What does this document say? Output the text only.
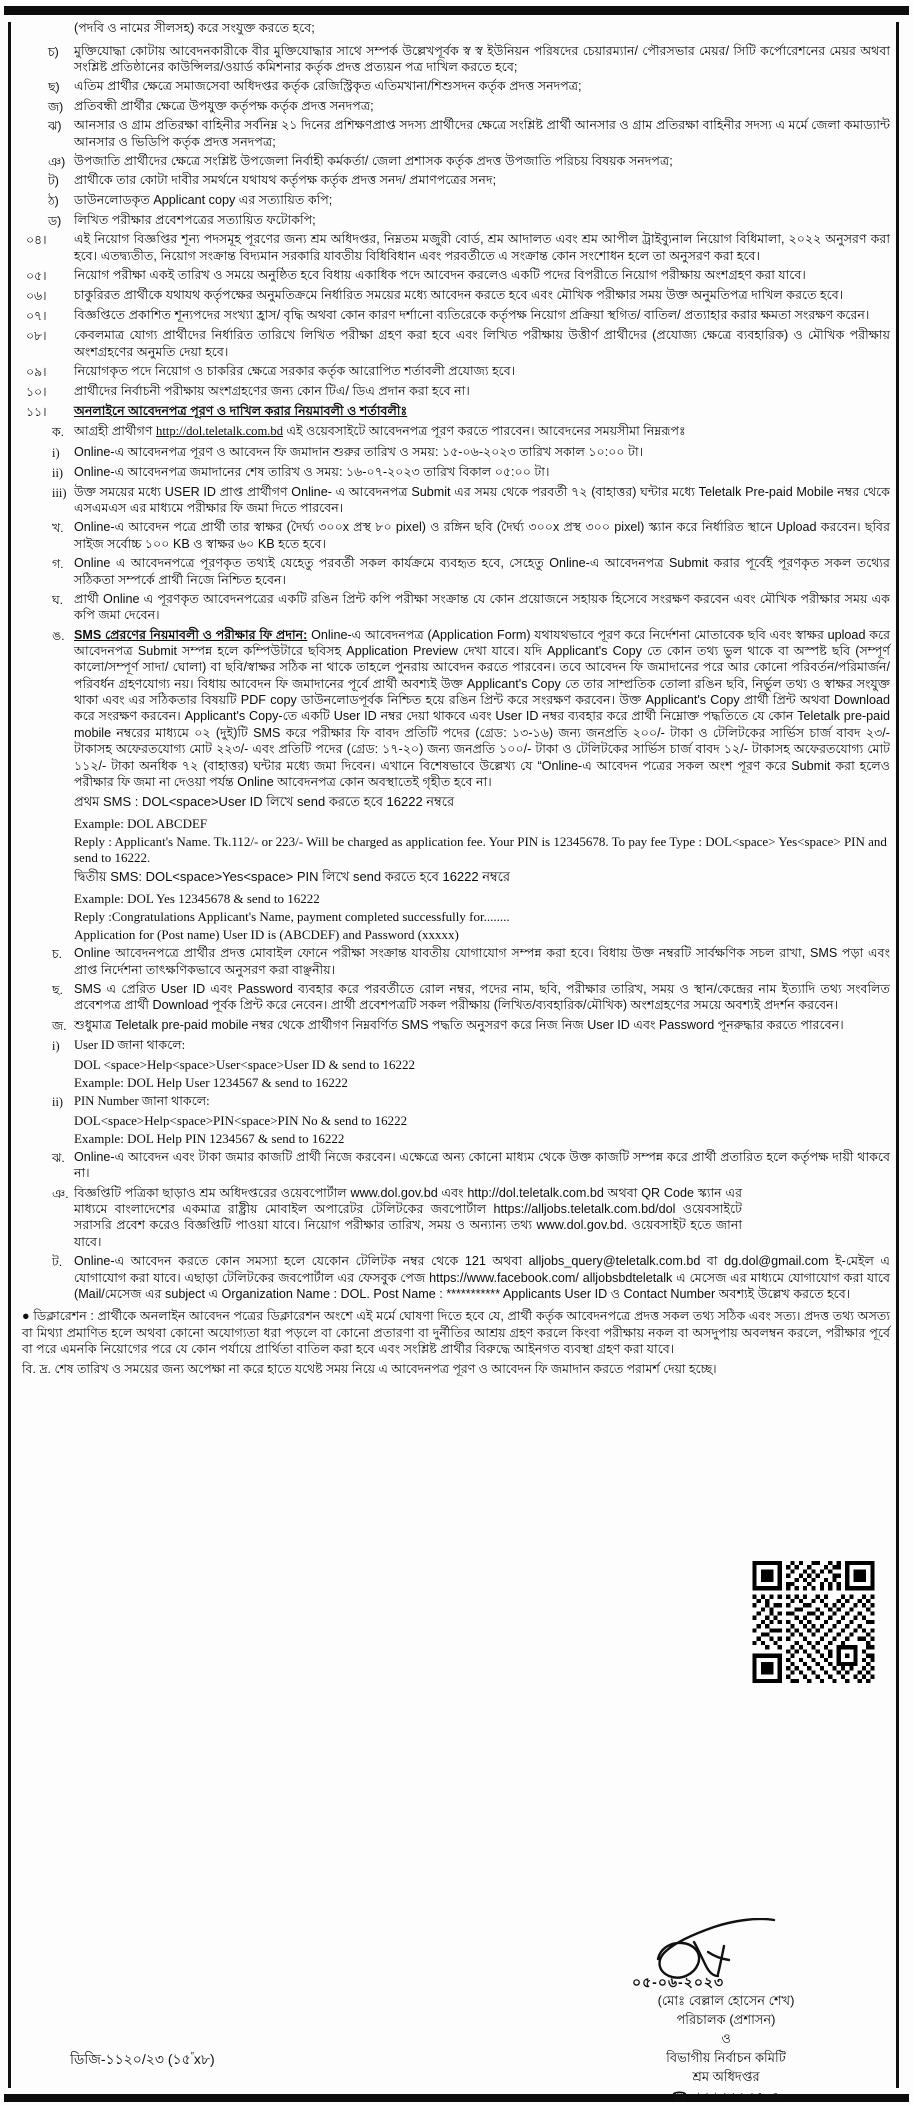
(পদবি ও নামের সীলসহ) করে সংযুক্ত করতে হবে;
চ)	মুক্তিযোদ্ধা কোটায় আবেদনকারীকে বীর মুক্তিযোদ্ধার সাথে সম্পর্ক উল্লেখপূর্বক স্ব স্ব ইউনিয়ন পরিষদের চেয়ারম্যান/ পৌরসভার মেয়র/ সিটি কর্পোরেশনের মেয়র অথবা সংশ্লিষ্ট প্রতিষ্ঠানের কাউন্সিলর/ওয়ার্ড কমিশনার কর্তৃক প্রদত্ত প্রত্যয়ন পত্র দাখিল করতে হবে;
ছ)	এতিম প্রার্থীর ক্ষেত্রে সমাজসেবা অধিদপ্তর কর্তৃক রেজিস্ট্রিকৃত এতিমখানা/শিশুসদন কর্তৃক প্রদত্ত সনদপত্র;
জ) প্রতিবন্ধী প্রার্থীর ক্ষেত্রে উপযুক্ত কর্তৃপক্ষ কর্তৃক প্রদত্ত সনদপত্র;
ঝ) আনসার ও গ্রাম প্রতিরক্ষা বাহিনীর সর্বনিম্ন ২১ দিনের প্রশিক্ষণপ্রাপ্ত সদস্য প্রার্থীদের ক্ষেত্রে সংশ্লিষ্ট প্রার্থী আনসার ও গ্রাম প্রতিরক্ষা বাহিনীর সদস্য এ মর্মে জেলা কমাড্যান্ট আনসার ও ভিডিপি কর্তৃক প্রদত্ত সনদপত্র;
ঞ) উপজাতি প্রার্থীদের ক্ষেত্রে সংশ্লিষ্ট উপজেলা নির্বাহী কর্মকর্তা/ জেলা প্রশাসক কর্তৃক প্রদত্ত উপজাতি পরিচয় বিষয়ক সনদপত্র;
ট)	প্রার্থীকে তার কোটা দাবীর সমর্থনে যথাযথ কর্তৃপক্ষ কর্তৃক প্রদত্ত সনদ/ প্রমাণপত্রের সনদ;
ঠ)	ডাউনলোডকৃত Applicant copy এর সত্যায়িত কপি;
ড)	লিখিত পরীক্ষার প্রবেশপত্রের সত্যায়িত ফটোকপি;
০৪।	এই নিয়োগ বিজ্ঞপ্তির শূন্য পদসমূহ পূরণের জন্য শ্রম অধিদপ্তর, নিম্নতম মজুরী বোর্ড, শ্রম আদালত এবং শ্রম আপীল ট্রাইব্যুনাল নিয়োগ বিধিমালা, ২০২২ অনুসরণ করা হবে। এতদ্ব্যতীত, নিয়োগ সংক্রান্ত বিদ্যমান সরকারি যাবতীয় বিধিবিধান এবং পরবর্তীতে এ সংক্রান্ত কোন সংশোধন হলে তা অনুসরণ করা হবে।
০৫।	নিয়োগ পরীক্ষা একই তারিখ ও সময়ে অনুষ্ঠিত হবে বিধায় একাধিক পদে আবেদন করলেও একটি পদের বিপরীতে নিয়োগ পরীক্ষায় অংশগ্রহণ করা যাবে।
০৬।	চাকুরিরত প্রার্থীকে যথাযথ কর্তৃপক্ষের অনুমতিক্রমে নির্ধারিত সময়ের মধ্যে আবেদন করতে হবে এবং মৌখিক পরীক্ষার সময় উক্ত অনুমতিপত্র দাখিল করতে হবে।
০৭।	বিজ্ঞপ্তিতে প্রকাশিত শূন্যপদের সংখ্যা হ্রাস/ বৃদ্ধি অথবা কোন কারণ দর্শানো ব্যতিরেকে কর্তৃপক্ষ নিয়োগ প্রক্রিয়া স্থগিত/ বাতিল/ প্রত্যাহার করার ক্ষমতা সংরক্ষণ করেন।
০৮।	কেবলমাত্র যোগ্য প্রার্থীদের নির্ধারিত তারিখে লিখিত পরীক্ষা গ্রহণ করা হবে এবং লিখিত পরীক্ষায় উত্তীর্ণ প্রার্থীদের (প্রযোজ্য ক্ষেত্রে ব্যবহারিক) ও মৌখিক পরীক্ষায় অংশগ্রহণের অনুমতি দেয়া হবে।
০৯।	নিয়োগকৃত পদে নিয়োগ ও চাকরির ক্ষেত্রে সরকার কর্তৃক আরোপিত শর্তাবলী প্রযোজ্য হবে।
১০।	প্রার্থীদের নির্বাচনী পরীক্ষায় অংশগ্রহণের জন্য কোন টিএ/ ডিএ প্রদান করা হবে না।
১১।	অনলাইনে আবেদনপত্র পূরণ ও দাখিল করার নিয়মাবলী ও শর্তাবলীঃ
ক. আগ্রহী প্রার্থীগণ http://dol.teletalk.com.bd এই ওয়েবসাইটে আবেদনপত্র পূরণ করতে পারবেন। আবেদনের সময়সীমা নিম্নরূপঃ
i)	Online-এ আবেদনপত্র পূরণ ও আবেদন ফি জমাদান শুরুর তারিখ ও সময়: ১৫-০৬-২০২৩ তারিখ সকাল ১০:০০ টা।
ii) Online-এ আবেদনপত্র জমাদানের শেষ তারিখ ও সময়: ১৬-০৭-২০২৩ তারিখ বিকাল ০৫:০০ টা।
iii) উক্ত সময়ের মধ্যে USER ID প্রাপ্ত প্রার্থীগণ Online- এ আবেদনপত্র Submit এর সময় থেকে পরবর্তী ৭২ (বাহাত্তর) ঘন্টার মধ্যে Teletalk Pre-paid Mobile নম্বর থেকে এসএমএস এর মাধ্যমে পরীক্ষার ফি জমা দিতে পারবেন।
খ. Online-এ আবেদন পত্রে প্রার্থী তার স্বাক্ষর (দৈর্ঘ্য ৩০০x প্রস্থ ৮০ pixel) ও রঙ্গিন ছবি (দৈর্ঘ্য ৩০০x প্রস্থ ৩০০ pixel) স্ক্যান করে নির্ধারিত স্থানে Upload করবেন। ছবির সাইজ সর্বোচ্চ ১০০ KB ও স্বাক্ষর ৬০ KB হতে হবে।
গ. Online এ আবেদনপত্রে পূরণকৃত তথ্যই যেহেতু পরবর্তী সকল কার্যক্রমে ব্যবহৃত হবে, সেহেতু Online-এ আবেদনপত্র Submit করার পূর্বেই পূরণকৃত সকল তথ্যের সঠিকতা সম্পর্কে প্রার্থী নিজে নিশ্চিত হবেন।
ঘ. প্রার্থী Online এ পূরণকৃত আবেদনপত্রের একটি রঙিন প্রিন্ট কপি পরীক্ষা সংক্রান্ত যে কোন প্রয়োজনে সহায়ক হিসেবে সংরক্ষণ করবেন এবং মৌখিক পরীক্ষার সময় এক কপি জমা দেবেন।
ঙ. SMS প্রেরণের নিয়মাবলী ও পরীক্ষার ফি প্রদান: Online-এ আবেদনপত্র (Application Form) যথাযথভাবে পূরণ করে নির্দেশনা মোতাবেক ছবি এবং স্বাক্ষর upload করে আবেদনপত্র Submit সম্পন্ন হলে কম্পিউটারে ছবিসহ Application Preview দেখা যাবে। যদি Applicant's Copy তে কোন তথ্য ভুল থাকে বা অস্পষ্ট ছবি (সম্পূর্ণ কালো/সম্পূর্ণ সাদা/ ঘোলা) বা ছবি/স্বাক্ষর সঠিক না থাকে তাহলে পুনরায় আবেদন করতে পারবেন। তবে আবেদন ফি জমাদানের পরে আর কোনো পরিবর্তন/পরিমার্জন/পরিবর্ধন গ্রহণযোগ্য নয়। বিধায় আবেদন ফি জমাদানের পূর্বে প্রার্থী অবশ্যই উক্ত Applicant's Copy তে তার সাম্প্রতিক তোলা রঙিন ছবি, নির্ভুল তথ্য ও স্বাক্ষর সংযুক্ত থাকা এবং এর সঠিকতার বিষয়টি PDF copy ডাউনলোডপূর্বক নিশ্চিত হয়ে রঙিন প্রিন্ট করে সংরক্ষণ করবেন। উক্ত Applicant's Copy প্রার্থী প্রিন্ট অথবা Download করে সংরক্ষণ করবেন। Applicant's Copy-তে একটি User ID নম্বর দেয়া থাকবে এবং User ID নম্বর ব্যবহার করে প্রার্থী নিম্নোক্ত পদ্ধতিতে যে কোন Teletalk pre-paid mobile নম্বরের মাধ্যমে ০২ (দুই)টি SMS করে পরীক্ষার ফি বাবদ প্রতিটি পদের (গ্রেড: ১৩-১৬) জন্য জনপ্রতি ২০০/- টাকা ও টেলিটকের সার্ভিস চার্জ বাবদ ২৩/- টাকাসহ অফেরতযোগ্য মোট ২২৩/- এবং প্রতিটি পদের (গ্রেড: ১৭-২০) জন্য জনপ্রতি ১০০/- টাকা ও টেলিটকের সার্ভিস চার্জ বাবদ ১২/- টাকাসহ অফেরতযোগ্য মোট ১১২/- টাকা অনধিক ৭২ (বাহাত্তর) ঘন্টার মধ্যে জমা দিবেন। এখানে বিশেষভাবে উল্লেখ্য যে “Online-এ আবেদন পত্রের সকল অংশ পূরণ করে Submit করা হলেও পরীক্ষার ফি জমা না দেওয়া পর্যন্ত Online আবেদনপত্র কোন অবস্থাতেই গৃহীত হবে না।
প্রথম SMS : DOL<space>User ID লিখে send করতে হবে 16222 নম্বরে
Example: DOL ABCDEF
Reply : Applicant's Name. Tk.112/- or 223/- Will be charged as application fee. Your PIN is 12345678. To pay fee Type : DOL<space> Yes<space> PIN and send to 16222.
দ্বিতীয় SMS: DOL<space>Yes<space> PIN লিখে send করতে হবে 16222 নম্বরে
Example: DOL Yes 12345678 & send to 16222
Reply :Congratulations Applicant's Name, payment completed successfully for........
Application for (Post name) User ID is (ABCDEF) and Password (xxxxx)
চ. Online আবেদনপত্রে প্রার্থীর প্রদত্ত মোবাইল ফোনে পরীক্ষা সংক্রান্ত যাবতীয় যোগাযোগ সম্পন্ন করা হবে। বিধায় উক্ত নম্বরটি সার্বক্ষণিক সচল রাখা, SMS পড়া এবং প্রাপ্ত নির্দেশনা তাৎক্ষণিকভাবে অনুসরণ করা বাঞ্ছনীয়।
ছ. SMS এ প্রেরিত User ID এবং Password ব্যবহার করে পরবর্তীতে রোল নম্বর, পদের নাম, ছবি, পরীক্ষার তারিখ, সময় ও স্থান/কেন্দ্রের নাম ইত্যাদি তথ্য সংবলিত প্রবেশপত্র প্রার্থী Download পূর্বক প্রিন্ট করে নেবেন। প্রার্থী প্রবেশপত্রটি সকল পরীক্ষায় (লিখিত/ব্যবহারিক/মৌখিক) অংশগ্রহণের সময়ে অবশ্যই প্রদর্শন করবেন।
জ. শুধুমাত্র Teletalk pre-paid mobile নম্বর থেকে প্রার্থীগণ নিম্নবর্ণিত SMS পদ্ধতি অনুসরণ করে নিজ নিজ User ID এবং Password পূনরুদ্ধার করতে পারবেন।
i)	User ID জানা থাকলে:
DOL <space>Help<space>User<space>User ID & send to 16222
Example: DOL Help User 1234567 & send to 16222
ii) PIN Number জানা থাকলে:
DOL<space>Help<space>PIN<space>PIN No & send to 16222
Example: DOL Help PIN 1234567 & send to 16222
ঝ. Online-এ আবেদন এবং টাকা জমার কাজটি প্রার্থী নিজে করবেন। এক্ষেত্রে অন্য কোনো মাধ্যম থেকে উক্ত কাজটি সম্পন্ন করে প্রার্থী প্রতারিত হলে কর্তৃপক্ষ দায়ী থাকবে না।
ঞ. বিজ্ঞপ্তিটি পত্রিকা ছাড়াও শ্রম অধিদপ্তরের ওয়েবপোর্টাল www.dol.gov.bd এবং http://dol.teletalk.com.bd অথবা QR Code স্ক্যান এর মাধ্যমে বাংলাদেশের একমাত্র রাষ্ট্রীয় মোবাইল অপারেটর টেলিটকের জবপোর্টাল https://alljobs.teletalk.com.bd/dol ওয়েবসাইটে সরাসরি প্রবেশ করেও বিজ্ঞপ্তিটি পাওয়া যাবে। নিয়োগ পরীক্ষার তারিখ, সময় ও অন্যান্য তথ্য www.dol.gov.bd. ওয়েবসাইট হতে জানা যাবে।
ট. Online-এ আবেদন করতে কোন সমস্যা হলে যেকোন টেলিটক নম্বর থেকে 121 অথবা alljobs_query@teletalk.com.bd বা dg.dol@gmail.com ই-মেইল এ যোগাযোগ করা যাবে। এছাড়া টেলিটকের জবপোর্টাল এর ফেসবুক পেজ https://www.facebook.com/ alljobsbdteletalk এ মেসেজ এর মাধ্যমে যোগাযোগ করা যাবে (Mail/মেসেজ এর subject এ Organization Name : DOL. Post Name : *********** Applicants User ID ও Contact Number অবশ্যই উল্লেখ করতে হবে।
● ডিক্লারেশন : প্রার্থীকে অনলাইন আবেদন পত্রের ডিক্লারেশন অংশে এই মর্মে ঘোষণা দিতে হবে যে, প্রার্থী কর্তৃক আবেদনপত্রে প্রদত্ত সকল তথ্য সঠিক এবং সত্য। প্রদত্ত তথ্য অসত্য বা মিথ্যা প্রমাণিত হলে অথবা কোনো অযোগ্যতা ধরা পড়লে বা কোনো প্রতারণা বা দুর্নীতির আশ্রয় গ্রহণ করলে কিংবা পরীক্ষায় নকল বা অসদুপায় অবলম্বন করলে, পরীক্ষার পূর্বে বা পরে এমনকি নিয়োগের পরে যে কোন পর্যায়ে প্রার্থিতা বাতিল করা হবে এবং সংশ্লিষ্ট প্রার্থীর বিরুদ্ধে আইনগত ব্যবস্থা গ্রহণ করা যাবে।
বি. দ্র. শেষ তারিখ ও সময়ের জন্য অপেক্ষা না করে হাতে যথেষ্ট সময় নিয়ে এ আবেদনপত্র পূরণ ও আবেদন ফি জমাদান করতে পরামর্শ দেয়া হচ্ছে।
০৫-০৬-২০২৩
(মোঃ বেল্লাল হোসেন শেখ)
পরিচালক (প্রশাসন)
ও
বিভাগীয় নির্বাচন কমিটি
শ্রম অধিদপ্তর
☎০২২২৬৬৬৩৫০৭
ডিজি-১১২০/২৩ (১৫″x৮)
